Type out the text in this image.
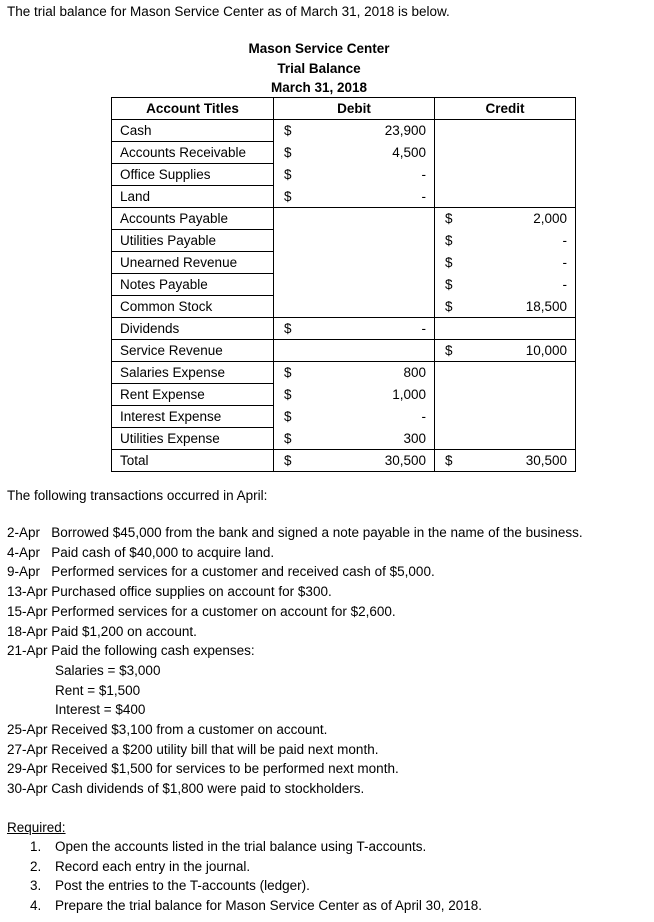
The trial balance for Mason Service Center as of March 31, 2018 is below.
Mason Service Center
Trial Balance
March 31, 2018
Account Titles	Debit		Credit	
Cash	$	23,900		
Accounts Receivable	$	4,500		
Office Supplies	$	-		
Land	$	-		
Accounts Payable			$	2,000
Utilities Payable			$	-
Unearned Revenue			$	-
Notes Payable			$	-
Common Stock			$	18,500
Dividends	$	-		
Service Revenue			$	10,000
Salaries Expense	$	800		
Rent Expense	$	1,000		
Interest Expense	$	-		
Utilities Expense	$	300		
Total	$	30,500	$	30,500
The following transactions occurred in April:
2-Apr   Borrowed $45,000 from the bank and signed a note payable in the name of the business.
4-Apr   Paid cash of $40,000 to acquire land.
9-Apr   Performed services for a customer and received cash of $5,000.
13-Apr Purchased office supplies on account for $300.
15-Apr Performed services for a customer on account for $2,600.
18-Apr Paid $1,200 on account.
21-Apr Paid the following cash expenses:
Salaries = $3,000
Rent = $1,500
Interest = $400
25-Apr Received $3,100 from a customer on account.
27-Apr Received a $200 utility bill that will be paid next month.
29-Apr Received $1,500 for services to be performed next month.
30-Apr Cash dividends of $1,800 were paid to stockholders.
Required:
1. Open the accounts listed in the trial balance using T-accounts.
2. Record each entry in the journal.
3. Post the entries to the T-accounts (ledger).
4. Prepare the trial balance for Mason Service Center as of April 30, 2018.
